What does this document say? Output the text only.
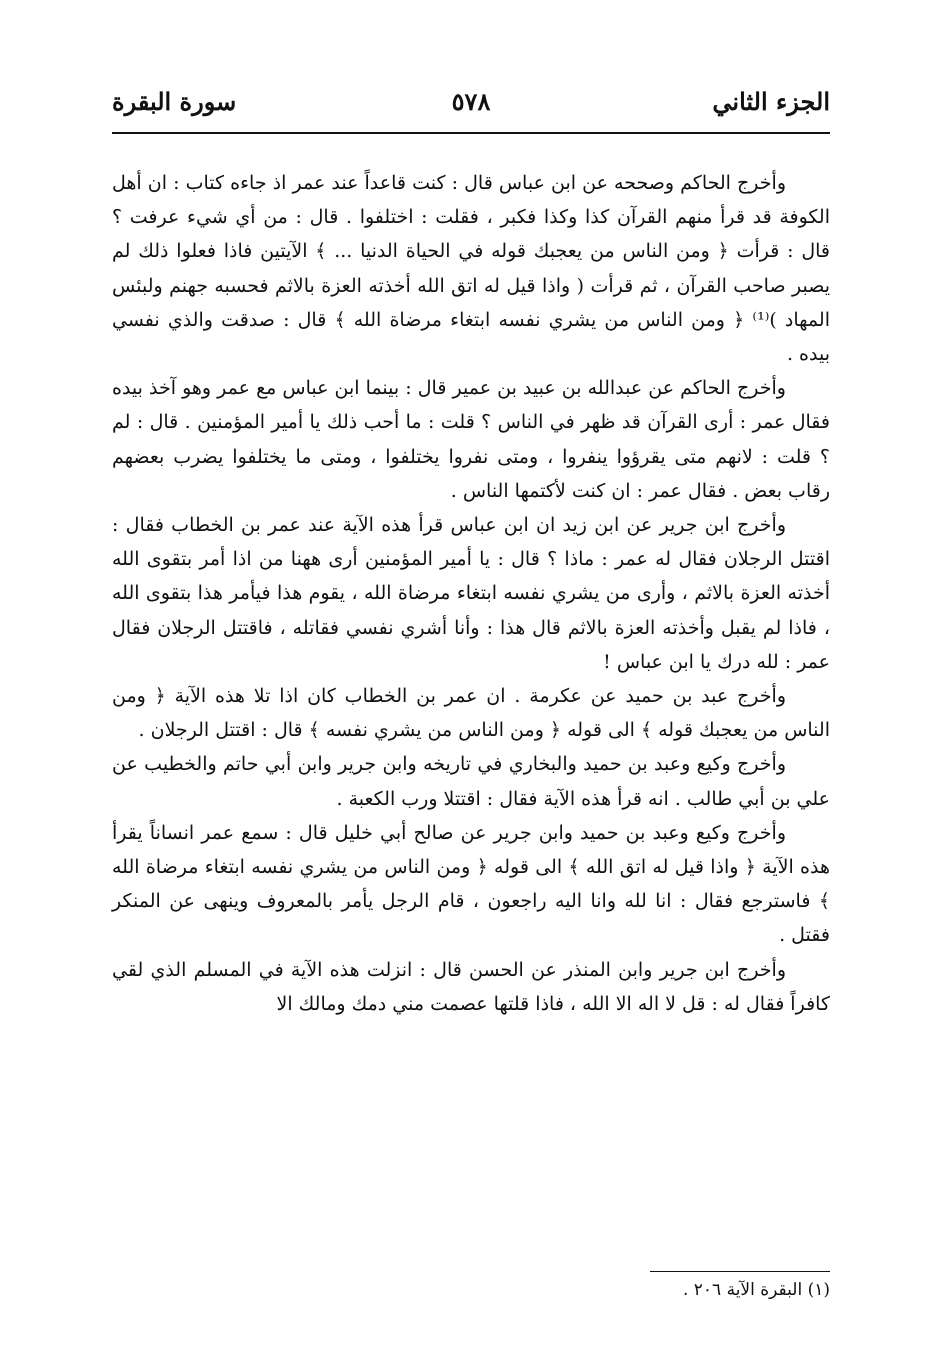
الجزء الثاني
٥٧٨
سورة البقرة

وأخرج الحاكم وصححه عن ابن عباس قال : كنت قاعداً عند عمر اذ جاءه كتاب : ان أهل الكوفة قد قرأ منهم القرآن كذا وكذا فكبر ، فقلت : اختلفوا . قال : من أي شيء عرفت ؟ قال : قرأت ﴿ ومن الناس من يعجبك قوله في الحياة الدنيا ... ﴾ الآيتين فاذا فعلوا ذلك لم يصبر صاحب القرآن ، ثم قرأت ( واذا قيل له اتق الله أخذته العزة بالاثم فحسبه جهنم ولبئس المهاد )⁽¹⁾ ﴿ ومن الناس من يشري نفسه ابتغاء مرضاة الله ﴾ قال : صدقت والذي نفسي بيده .

وأخرج الحاكم عن عبدالله بن عبيد بن عمير قال : بينما ابن عباس مع عمر وهو آخذ بيده فقال عمر : أرى القرآن قد ظهر في الناس ؟ قلت : ما أحب ذلك يا أمير المؤمنين . قال : لم ؟ قلت : لانهم متى يقرؤوا ينفروا ، ومتى نفروا يختلفوا ، ومتى ما يختلفوا يضرب بعضهم رقاب بعض . فقال عمر : ان كنت لأكتمها الناس .

وأخرج ابن جرير عن ابن زيد ان ابن عباس قرأ هذه الآية عند عمر بن الخطاب فقال : اقتتل الرجلان فقال له عمر : ماذا ؟ قال : يا أمير المؤمنين أرى ههنا من اذا أمر بتقوى الله أخذته العزة بالاثم ، وأرى من يشري نفسه ابتغاء مرضاة الله ، يقوم هذا فيأمر هذا بتقوى الله ، فاذا لم يقبل وأخذته العزة بالاثم قال هذا : وأنا أشري نفسي فقاتله ، فاقتتل الرجلان فقال عمر : لله درك يا ابن عباس !

وأخرج عبد بن حميد عن عكرمة . ان عمر بن الخطاب كان اذا تلا هذه الآية ﴿ ومن الناس من يعجبك قوله ﴾ الى قوله ﴿ ومن الناس من يشري نفسه ﴾ قال : اقتتل الرجلان .

وأخرج وكيع وعبد بن حميد والبخاري في تاريخه وابن جرير وابن أبي حاتم والخطيب عن علي بن أبي طالب . انه قرأ هذه الآية فقال : اقتتلا ورب الكعبة .

وأخرج وكيع وعبد بن حميد وابن جرير عن صالح أبي خليل قال : سمع عمر انساناً يقرأ هذه الآية ﴿ واذا قيل له اتق الله ﴾ الى قوله ﴿ ومن الناس من يشري نفسه ابتغاء مرضاة الله ﴾ فاسترجع فقال : انا لله وانا اليه راجعون ، قام الرجل يأمر بالمعروف وينهى عن المنكر فقتل .

وأخرج ابن جرير وابن المنذر عن الحسن قال : انزلت هذه الآية في المسلم الذي لقي كافراً فقال له : قل لا اله الا الله ، فاذا قلتها عصمت مني دمك ومالك الا

(١) البقرة الآية ٢٠٦ .
